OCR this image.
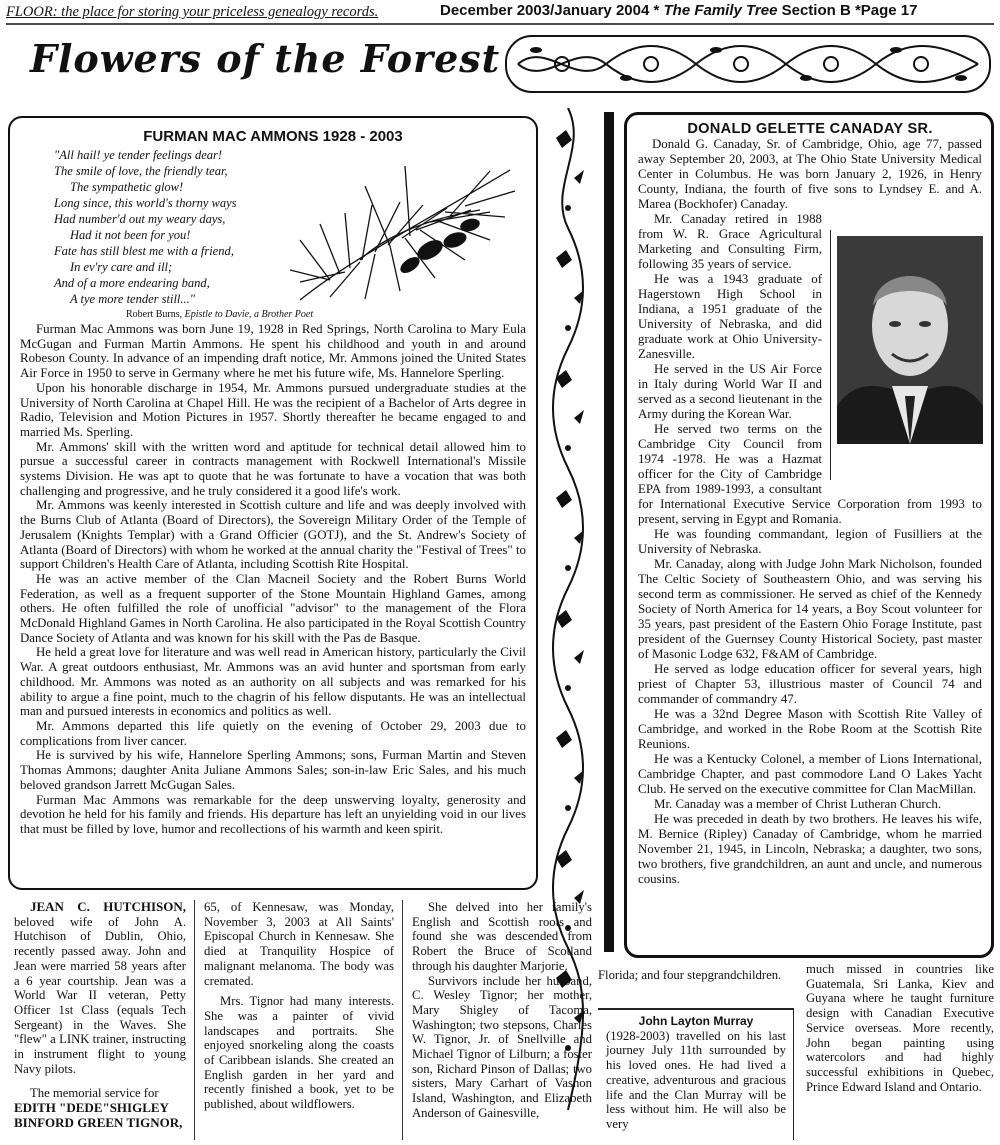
FLOOR: the place for storing your priceless genealogy records.	December 2003/January 2004 * The Family Tree Section B *Page 17
Flowers of the Forest
FURMAN MAC AMMONS 1928 - 2003
"All hail! ye tender feelings dear!
The smile of love, the friendly tear,
The sympathetic glow!
Long since, this world's thorny ways
Had number'd out my weary days,
Had it not been for you!
Fate has still blest me with a friend,
In ev'ry care and ill;
And of a more endearing band,
A tye more tender still..."
Robert Burns, Epistle to Davie, a Brother Poet

Furman Mac Ammons was born June 19, 1928 in Red Springs, North Carolina to Mary Eula McGugan and Furman Martin Ammons. He spent his childhood and youth in and around Robeson County. In advance of an impending draft notice, Mr. Ammons joined the United States Air Force in 1950 to serve in Germany where he met his future wife, Ms. Hannelore Sperling.

Upon his honorable discharge in 1954, Mr. Ammons pursued undergraduate studies at the University of North Carolina at Chapel Hill. He was the recipient of a Bachelor of Arts degree in Radio, Television and Motion Pictures in 1957. Shortly thereafter he became engaged to and married Ms. Sperling.

Mr. Ammons' skill with the written word and aptitude for technical detail allowed him to pursue a successful career in contracts management with Rockwell International's Missile systems Division. He was apt to quote that he was fortunate to have a vocation that was both challenging and progressive, and he truly considered it a good life's work.

Mr. Ammons was keenly interested in Scottish culture and life and was deeply involved with the Burns Club of Atlanta (Board of Directors), the Sovereign Military Order of the Temple of Jerusalem (Knights Templar) with a Grand Officier (GOTJ), and the St. Andrew's Society of Atlanta (Board of Directors) with whom he worked at the annual charity the "Festival of Trees" to support Children's Health Care of Atlanta, including Scottish Rite Hospital.

He was an active member of the Clan Macneil Society and the Robert Burns World Federation, as well as a frequent supporter of the Stone Mountain Highland Games, among others. He often fulfilled the role of unofficial "advisor" to the management of the Flora McDonald Highland Games in North Carolina. He also participated in the Royal Scottish Country Dance Society of Atlanta and was known for his skill with the Pas de Basque.

He held a great love for literature and was well read in American history, particularly the Civil War. A great outdoors enthusiast, Mr. Ammons was an avid hunter and sportsman from early childhood. Mr. Ammons was noted as an authority on all subjects and was remarked for his ability to argue a fine point, much to the chagrin of his fellow disputants. He was an intellectual man and pursued interests in economics and politics as well.

Mr. Ammons departed this life quietly on the evening of October 29, 2003 due to complications from liver cancer.

He is survived by his wife, Hannelore Sperling Ammons; sons, Furman Martin and Steven Thomas Ammons; daughter Anita Juliane Ammons Sales; son-in-law Eric Sales, and his much beloved grandson Jarrett McGugan Sales.

Furman Mac Ammons was remarkable for the deep unswerving loyalty, generosity and devotion he held for his family and friends. His departure has left an unyielding void in our lives that must be filled by love, humor and recollections of his warmth and keen spirit.

DONALD GELETTE CANADAY SR.

Donald G. Canaday, Sr. of Cambridge, Ohio, age 77, passed away September 20, 2003, at The Ohio State University Medical Center in Columbus. He was born January 2, 1926, in Henry County, Indiana, the fourth of five sons to Lyndsey E. and A. Marea (Bockhofer) Canaday.

Mr. Canaday retired in 1988 from W. R. Grace Agricultural Marketing and Consulting Firm, following 35 years of service.

He was a 1943 graduate of Hagerstown High School in Indiana, a 1951 graduate of the University of Nebraska, and did graduate work at Ohio University-Zanesville.

He served in the US Air Force in Italy during World War II and served as a second lieutenant in the Army during the Korean War.

He served two terms on the Cambridge City Council from 1974 -1978. He was a Hazmat officer for the City of Cambridge EPA from 1989-1993, a consultant for International Executive Service Corporation from 1993 to present, serving in Egypt and Romania.

He was founding commandant, legion of Fusilliers at the University of Nebraska.

Mr. Canaday, along with Judge John Mark Nicholson, founded The Celtic Society of Southeastern Ohio, and was serving his second term as commissioner. He served as chief of the Kennedy Society of North America for 14 years, a Boy Scout volunteer for 35 years, past president of the Eastern Ohio Forage Institute, past president of the Guernsey County Historical Society, past master of Masonic Lodge 632, F&AM of Cambridge.

He served as lodge education officer for several years, high priest of Chapter 53, illustrious master of Council 74 and commander of commandry 47.

He was a 32nd Degree Mason with Scottish Rite Valley of Cambridge, and worked in the Robe Room at the Scottish Rite Reunions.

He was a Kentucky Colonel, a member of Lions International, Cambridge Chapter, and past commodore Land O Lakes Yacht Club. He served on the executive committee for Clan MacMillan.

Mr. Canaday was a member of Christ Lutheran Church.

He was preceded in death by two brothers. He leaves his wife, M. Bernice (Ripley) Canaday of Cambridge, whom he married November 21, 1945, in Lincoln, Nebraska; a daughter, two sons, two brothers, five grandchildren, an aunt and uncle, and numerous cousins.

JEAN C. HUTCHISON, beloved wife of John A. Hutchison of Dublin, Ohio, recently passed away. John and Jean were married 58 years after a 6 year courtship. Jean was a World War II veteran, Petty Officer 1st Class (equals Tech Sergeant) in the Waves. She "flew" a LINK trainer, instructing in instrument flight to young Navy pilots.

The memorial service for

EDITH "DEDE"SHIGLEY BINFORD GREEN TIGNOR,

65, of Kennesaw, was Monday, November 3, 2003 at All Saints' Episcopal Church in Kennesaw. She died at Tranquility Hospice of malignant melanoma. The body was cremated.

Mrs. Tignor had many interests. She was a painter of vivid landscapes and portraits. She enjoyed snorkeling along the coasts of Caribbean islands. She created an English garden in her yard and recently finished a book, yet to be published, about wildflowers.

She delved into her family's English and Scottish roots and found she was descended from Robert the Bruce of Scotland through his daughter Marjorie.

Survivors include her husband, C. Wesley Tignor; her mother, Mary Shigley of Tacoma, Washington; two stepsons, Charles W. Tignor, Jr. of Snellville and Michael Tignor of Lilburn; a foster son, Richard Pinson of Dallas; two sisters, Mary Carhart of Vashon Island, Washington, and Elizabeth Anderson of Gainesville,

Florida; and four stepgrandchildren.

John Layton Murray

(1928-2003) travelled on his last journey July 11th surrounded by his loved ones. He had lived a creative, adventurous and gracious life and the Clan Murray will be less without him. He will also be very

much missed in countries like Guatemala, Sri Lanka, Kiev and Guyana where he taught furniture design with Canadian Executive Service overseas. More recently, John began painting using watercolors and had highly successful exhibitions in Quebec, Prince Edward Island and Ontario.
